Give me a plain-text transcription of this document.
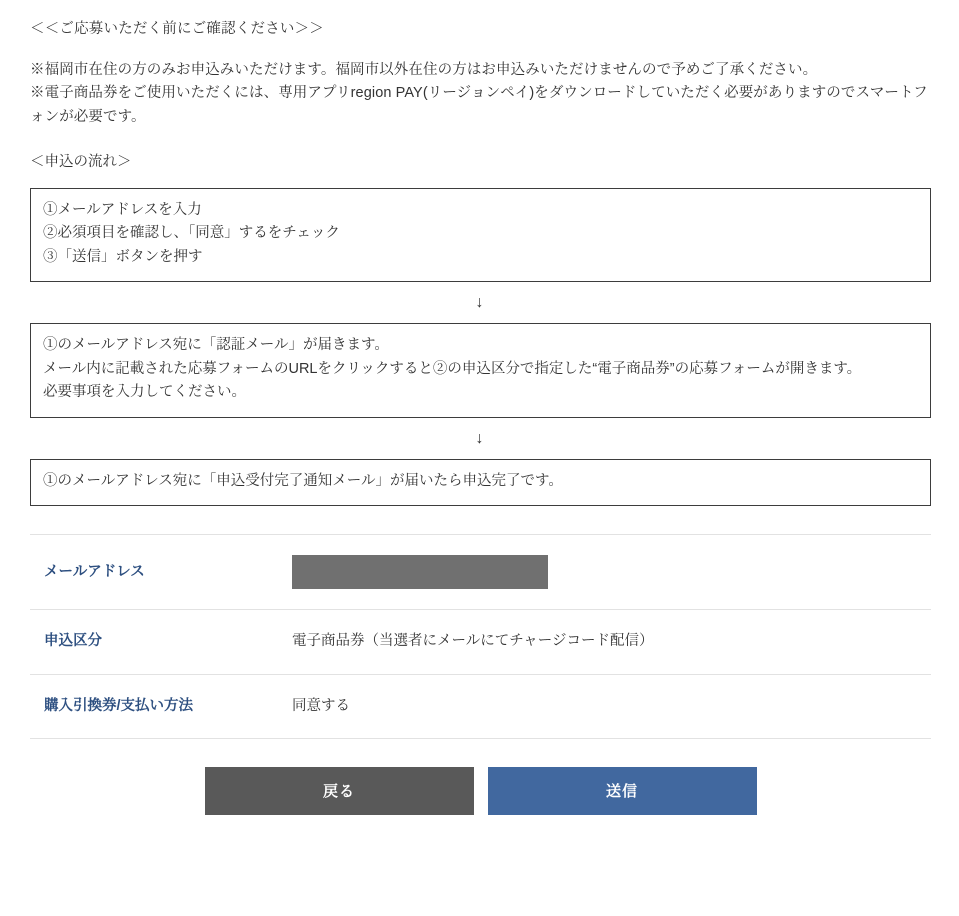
＜＜ご応募いただく前にご確認ください＞＞

※福岡市在住の方のみお申込みいただけます。福岡市以外在住の方はお申込みいただけませんので予めご了承ください。

※電子商品券をご使用いただくには、専用アプリregion PAY(リージョンペイ)をダウンロードしていただく必要がありますのでスマートフォンが必要です。

＜申込の流れ＞

①メールアドレスを入力

②必須項目を確認し、「同意」するをチェック

③「送信」ボタンを押す

↓

①のメールアドレス宛に「認証メール」が届きます。

メール内に記載された応募フォームのURLをクリックすると②の申込区分で指定した“電子商品券”の応募フォームが開きます。

必要事項を入力してください。

↓

①のメールアドレス宛に「申込受付完了通知メール」が届いたら申込完了です。

メールアドレス	

申込区分	電子商品券（当選者にメールにてチャージコード配信）
購入引換券/支払い方法	同意する
戻る	送信
